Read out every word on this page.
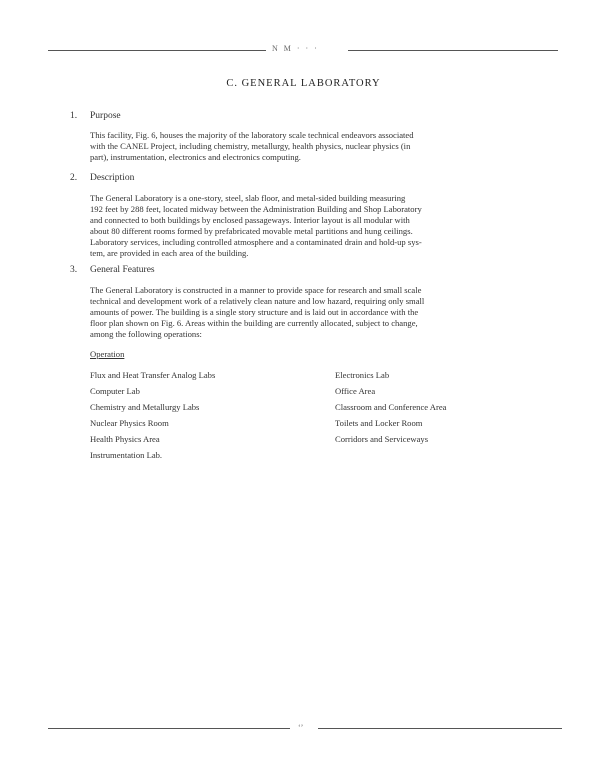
N M · · ·
C. GENERAL LABORATORY
1. Purpose
This facility, Fig. 6, houses the majority of the laboratory scale technical endeavors associated
with the CANEL Project, including chemistry, metallurgy, health physics, nuclear physics (in
part), instrumentation, electronics and electronics computing.
2. Description
The General Laboratory is a one-story, steel, slab floor, and metal-sided building measuring
192 feet by 288 feet, located midway between the Administration Building and Shop Laboratory
and connected to both buildings by enclosed passageways. Interior layout is all modular with
about 80 different rooms formed by prefabricated movable metal partitions and hung ceilings.
Laboratory services, including controlled atmosphere and a contaminated drain and hold-up sys-
tem, are provided in each area of the building.
3. General Features
The General Laboratory is constructed in a manner to provide space for research and small scale
technical and development work of a relatively clean nature and low hazard, requiring only small
amounts of power. The building is a single story structure and is laid out in accordance with the
floor plan shown on Fig. 6. Areas within the building are currently allocated, subject to change,
among the following operations:
Operation
Flux and Heat Transfer Analog Labs
Computer Lab
Chemistry and Metallurgy Labs
Nuclear Physics Room
Health Physics Area
Instrumentation Lab.
Electronics Lab
Office Area
Classroom and Conference Area
Toilets and Locker Room
Corridors and Serviceways
ʻ’
